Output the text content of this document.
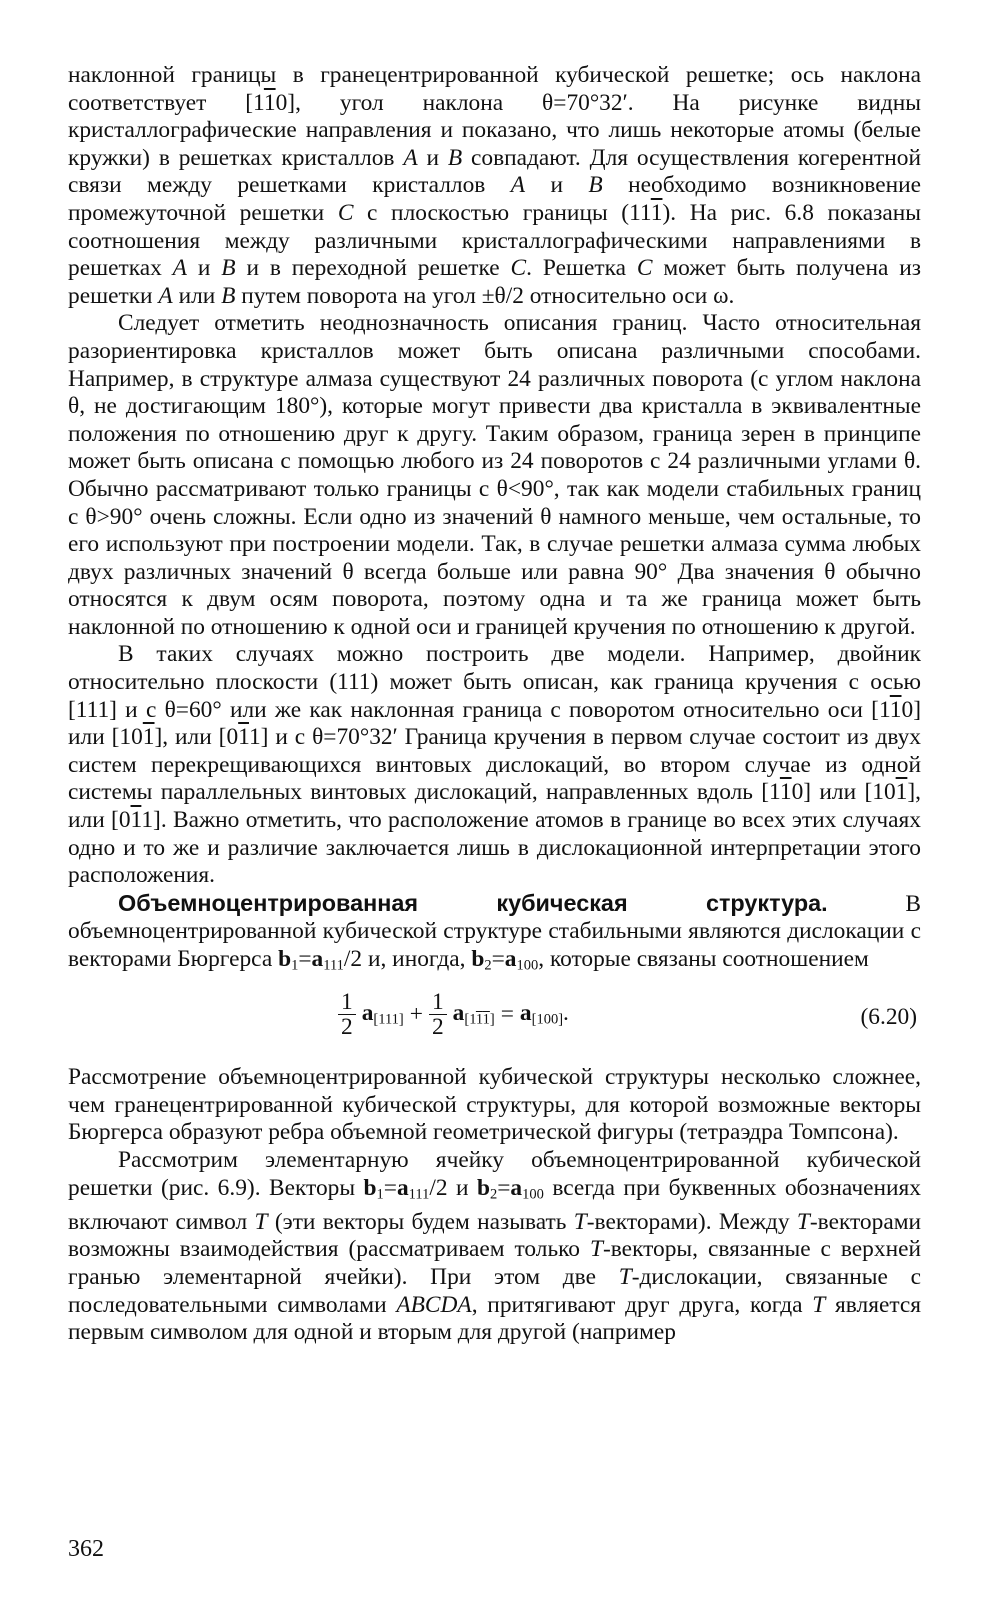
наклонной границы в гранецентрированной кубической решетке; ось наклона соответствует [110], угол наклона θ=70°32′. На рисунке видны кристаллографические направления и показано, что лишь некоторые атомы (белые кружки) в решетках кристаллов A и B совпадают. Для осуществления когерентной связи между решетками кристаллов A и B необходимо возникновение промежуточной решетки C с плоскостью границы (111). На рис. 6.8 показаны соотношения между различными кристаллографическими направлениями в решетках A и B и в переходной решетке C. Решетка C может быть получена из решетки A или B путем поворота на угол ±θ/2 относительно оси ω.

Следует отметить неоднозначность описания границ. Часто относительная разориентировка кристаллов может быть описана различными способами. Например, в структуре алмаза существуют 24 различных поворота (с углом наклона θ, не достигающим 180°), которые могут привести два кристалла в эквивалентные положения по отношению друг к другу. Таким образом, граница зерен в принципе может быть описана с помощью любого из 24 поворотов с 24 различными углами θ. Обычно рассматривают только границы с θ<90°, так как модели стабильных границ с θ>90° очень сложны. Если одно из значений θ намного меньше, чем остальные, то его используют при построении модели. Так, в случае решетки алмаза сумма любых двух различных значений θ всегда больше или равна 90° Два значения θ обычно относятся к двум осям поворота, поэтому одна и та же граница может быть наклонной по отношению к одной оси и границей кручения по отношению к другой.

В таких случаях можно построить две модели. Например, двойник относительно плоскости (111) может быть описан, как граница кручения с осью [111] и с θ=60° или же как наклонная граница с поворотом относительно оси [110] или [101], или [011] и с θ=70°32′ Граница кручения в первом случае состоит из двух систем перекрещивающихся винтовых дислокаций, во втором случае из одной системы параллельных винтовых дислокаций, направленных вдоль [110] или [101], или [011]. Важно отметить, что расположение атомов в границе во всех этих случаях одно и то же и различие заключается лишь в дислокационной интерпретации этого расположения.

Объемноцентрированная кубическая структура. В объемноцентрированной кубической структуре стабильными являются дислокации с векторами Бюргерса $b_1=a_{111}/2$ и, иногда, $b_2=a_{100}$, которые связаны соотношением

$\frac{1}{2} a_{[111]} + \frac{1}{2} a_{[111]} = a_{[100]}$.	(6.20)

Рассмотрение объемноцентрированной кубической структуры несколько сложнее, чем гранецентрированной кубической структуры, для которой возможные векторы Бюргерса образуют ребра объемной геометрической фигуры (тетраэдра Томпсона).

Рассмотрим элементарную ячейку объемноцентрированной кубической решетки (рис. 6.9). Векторы $b_1=a_{111}/2$ и $b_2=a_{100}$ всегда при буквенных обозначениях включают символ T (эти векторы будем называть T-векторами). Между T-векторами возможны взаимодействия (рассматриваем только T-векторы, связанные с верхней гранью элементарной ячейки). При этом две T-дислокации, связанные с последовательными символами ABCDA, притягивают друг друга, когда T является первым символом для одной и вторым для другой (например

362
